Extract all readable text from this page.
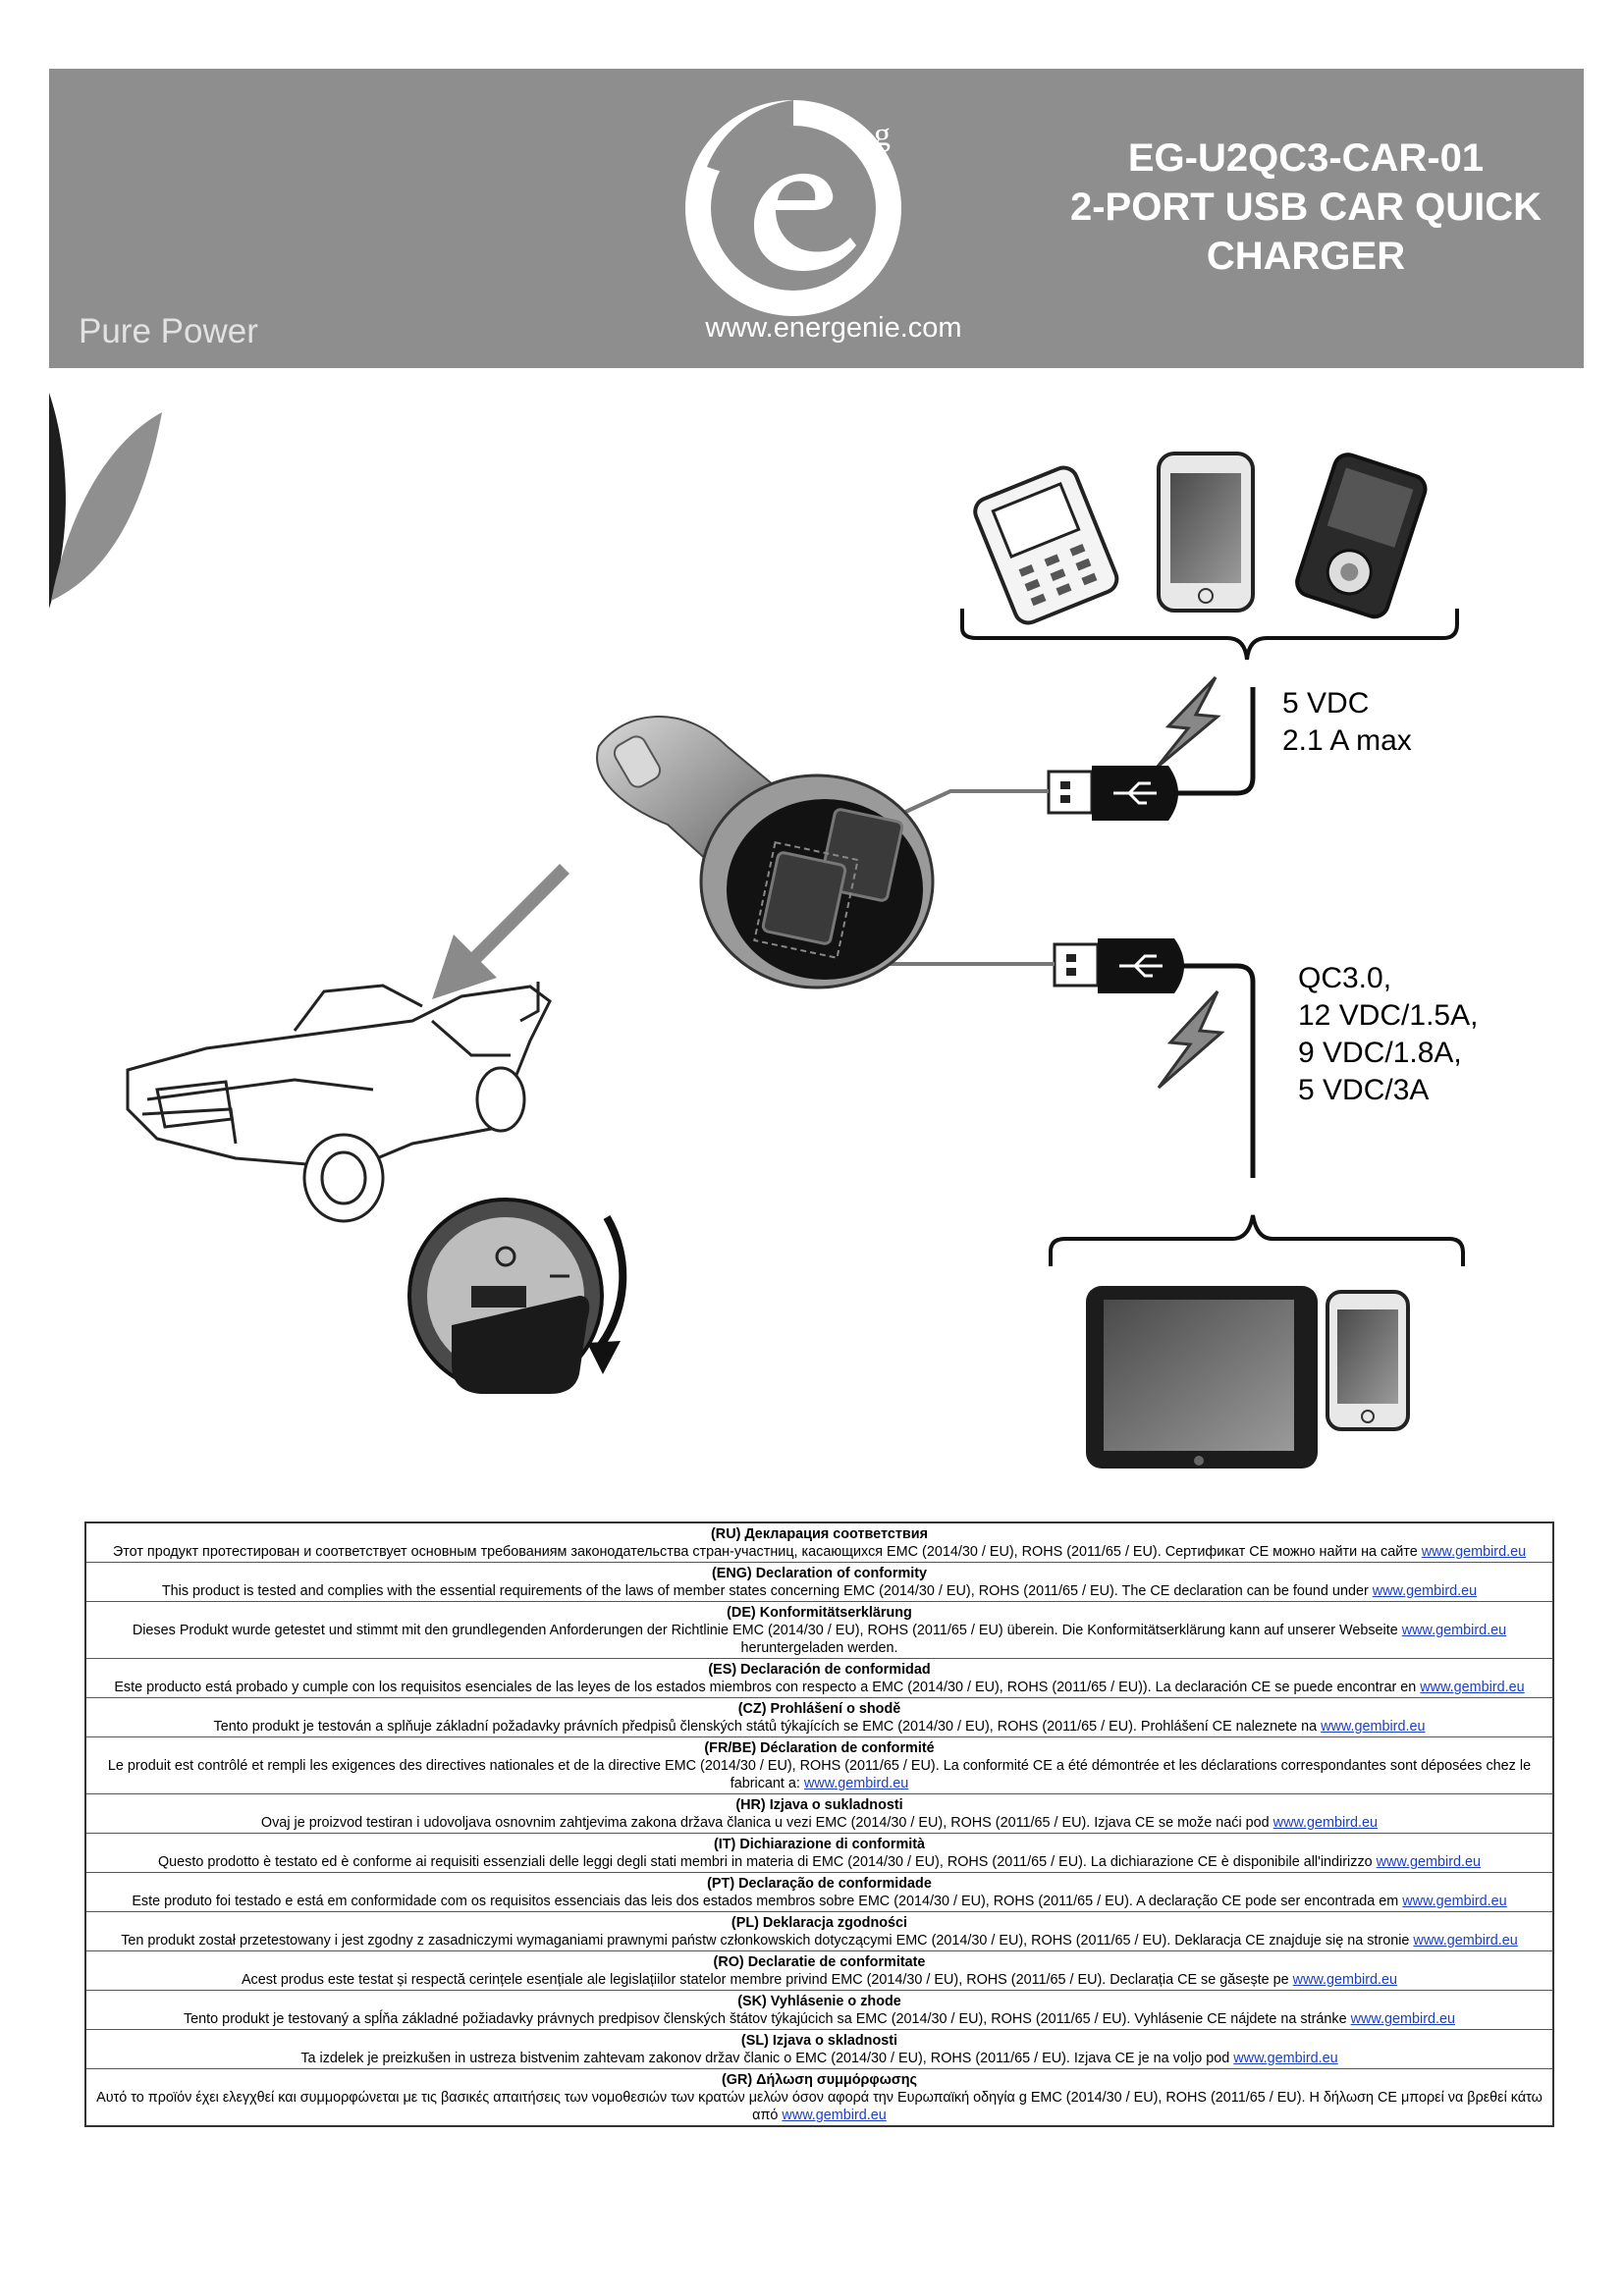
g
EG-U2QC3-CAR-01
2-PORT USB CAR QUICK
CHARGER
Pure Power	www.energenie.com
5 VDC
2.1 A max
QC3.0,
12 VDC/1.5A,
9 VDC/1.8A,
5 VDC/3A
(RU) Декларация соответствия
Этот продукт протестирован и соответствует основным требованиям законодательства стран-участниц, касающихся EMC (2014/30 / EU), ROHS (2011/65 / EU). Сертификат CE можно найти на сайте www.gembird.eu
(ENG) Declaration of conformity
This product is tested and complies with the essential requirements of the laws of member states concerning EMC (2014/30 / EU), ROHS (2011/65 / EU). The CE declaration can be found under www.gembird.eu
(DE) Konformitätserklärung
Dieses Produkt wurde getestet und stimmt mit den grundlegenden Anforderungen der Richtlinie EMC (2014/30 / EU), ROHS (2011/65 / EU) überein. Die Konformitätserklärung kann auf unserer Webseite www.gembird.eu heruntergeladen werden.
(ES) Declaración de conformidad
Este producto está probado y cumple con los requisitos esenciales de las leyes de los estados miembros con respecto a EMC (2014/30 / EU), ROHS (2011/65 / EU)). La declaración CE se puede encontrar en www.gembird.eu
(CZ) Prohlášení o shodě
Tento produkt je testován a splňuje základní požadavky právních předpisů členských států týkajících se EMC (2014/30 / EU), ROHS (2011/65 / EU). Prohlášení CE naleznete na www.gembird.eu
(FR/BE) Déclaration de conformité
Le produit est contrôlé et rempli les exigences des directives nationales et de la directive EMC (2014/30 / EU), ROHS (2011/65 / EU). La conformité CE a été démontrée et les déclarations correspondantes sont déposées chez le fabricant a: www.gembird.eu
(HR) Izjava o sukladnosti
Ovaj je proizvod testiran i udovoljava osnovnim zahtjevima zakona država članica u vezi EMC (2014/30 / EU), ROHS (2011/65 / EU). Izjava CE se može naći pod www.gembird.eu
(IT) Dichiarazione di conformità
Questo prodotto è testato ed è conforme ai requisiti essenziali delle leggi degli stati membri in materia di EMC (2014/30 / EU), ROHS (2011/65 / EU). La dichiarazione CE è disponibile all'indirizzo www.gembird.eu
(PT) Declaração de conformidade
Este produto foi testado e está em conformidade com os requisitos essenciais das leis dos estados membros sobre EMC (2014/30 / EU), ROHS (2011/65 / EU). A declaração CE pode ser encontrada em www.gembird.eu
(PL) Deklaracja zgodności
Ten produkt został przetestowany i jest zgodny z zasadniczymi wymaganiami prawnymi państw członkowskich dotyczącymi EMC (2014/30 / EU), ROHS (2011/65 / EU). Deklaracja CE znajduje się na stronie www.gembird.eu
(RO) Declaratie de conformitate
Acest produs este testat și respectă cerințele esențiale ale legislațiilor statelor membre privind EMC (2014/30 / EU), ROHS (2011/65 / EU). Declarația CE se găsește pe www.gembird.eu
(SK) Vyhlásenie o zhode
Tento produkt je testovaný a spĺňa základné požiadavky právnych predpisov členských štátov týkajúcich sa EMC (2014/30 / EU), ROHS (2011/65 / EU). Vyhlásenie CE nájdete na stránke www.gembird.eu
(SL) Izjava o skladnosti
Ta izdelek je preizkušen in ustreza bistvenim zahtevam zakonov držav članic o EMC (2014/30 / EU), ROHS (2011/65 / EU). Izjava CE je na voljo pod www.gembird.eu
(GR) Δήλωση συμμόρφωσης
Αυτό το προϊόν έχει ελεγχθεί και συμμορφώνεται με τις βασικές απαιτήσεις των νομοθεσιών των κρατών μελών όσον αφορά την Ευρωπαϊκή οδηγία g EMC (2014/30 / EU), ROHS (2011/65 / EU). Η δήλωση CE μπορεί να βρεθεί κάτω από www.gembird.eu
